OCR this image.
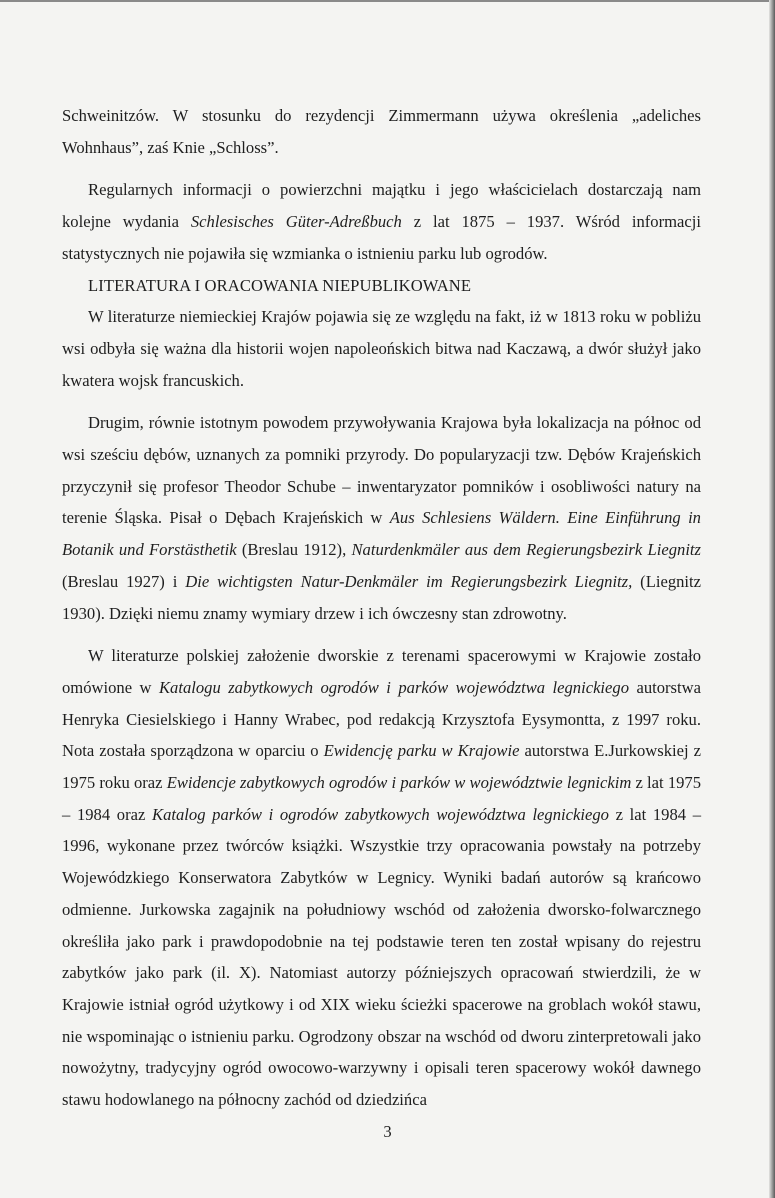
Schweinitzów. W stosunku do rezydencji Zimmermann używa określenia „adeliches Wohnhaus”, zaś Knie „Schloss”.

Regularnych informacji o powierzchni majątku i jego właścicielach dostarczają nam kolejne wydania Schlesisches Güter-Adreßbuch z lat 1875 – 1937. Wśród informacji statystycznych nie pojawiła się wzmianka o istnieniu parku lub ogrodów.

LITERATURA I ORACOWANIA NIEPUBLIKOWANE

W literaturze niemieckiej Krajów pojawia się ze względu na fakt, iż w 1813 roku w pobliżu wsi odbyła się ważna dla historii wojen napoleońskich bitwa nad Kaczawą, a dwór służył jako kwatera wojsk francuskich.

Drugim, równie istotnym powodem przywoływania Krajowa była lokalizacja na północ od wsi sześciu dębów, uznanych za pomniki przyrody. Do popularyzacji tzw. Dębów Krajeńskich przyczynił się profesor Theodor Schube – inwentaryzator pomników i osobliwości natury na terenie Śląska. Pisał o Dębach Krajeńskich w Aus Schlesiens Wäldern. Eine Einführung in Botanik und Forstästhetik (Breslau 1912), Naturdenkmäler aus dem Regierungsbezirk Liegnitz (Breslau 1927) i Die wichtigsten Natur-Denkmäler im Regierungsbezirk Liegnitz, (Liegnitz 1930). Dzięki niemu znamy wymiary drzew i ich ówczesny stan zdrowotny.

W literaturze polskiej założenie dworskie z terenami spacerowymi w Krajowie zostało omówione w Katalogu zabytkowych ogrodów i parków województwa legnickiego autorstwa Henryka Ciesielskiego i Hanny Wrabec, pod redakcją Krzysztofa Eysymontta, z 1997 roku. Nota została sporządzona w oparciu o Ewidencję parku w Krajowie autorstwa E.Jurkowskiej z 1975 roku oraz Ewidencje zabytkowych ogrodów i parków w województwie legnickim z lat 1975 – 1984 oraz Katalog parków i ogrodów zabytkowych województwa legnickiego z lat 1984 – 1996, wykonane przez twórców książki. Wszystkie trzy opracowania powstały na potrzeby Wojewódzkiego Konserwatora Zabytków w Legnicy. Wyniki badań autorów są krańcowo odmienne. Jurkowska zagajnik na południowy wschód od założenia dworsko-folwarcznego określiła jako park i prawdopodobnie na tej podstawie teren ten został wpisany do rejestru zabytków jako park (il. X). Natomiast autorzy późniejszych opracowań stwierdzili, że w Krajowie istniał ogród użytkowy i od XIX wieku ścieżki spacerowe na groblach wokół stawu, nie wspominając o istnieniu parku. Ogrodzony obszar na wschód od dworu zinterpretowali jako nowożytny, tradycyjny ogród owocowo-warzywny i opisali teren spacerowy wokół dawnego stawu hodowlanego na północny zachód od dziedzińca

3
